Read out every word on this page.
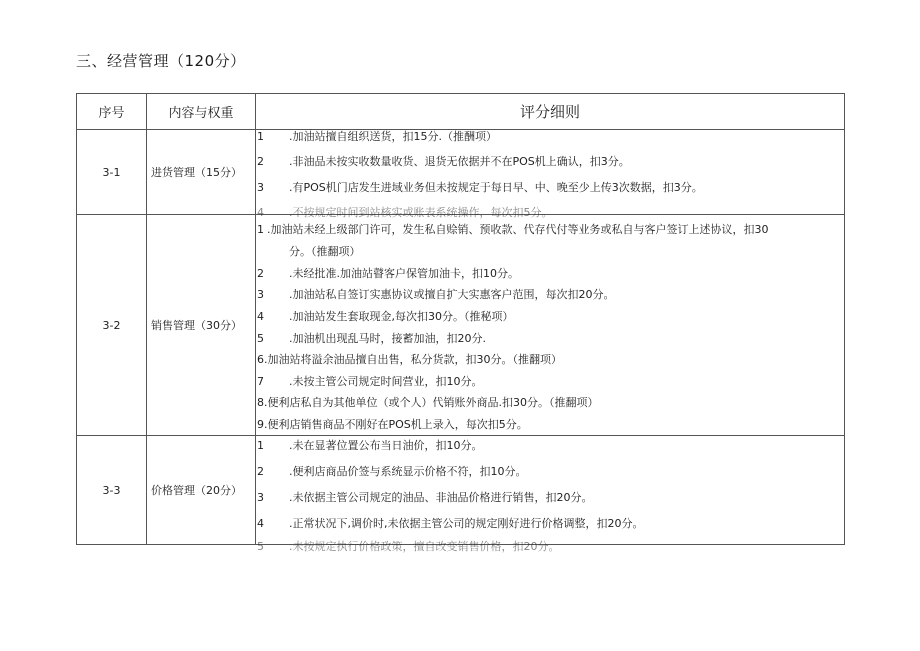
三、经营管理（120分）
序号	内容与权重	评分细则
3-1	进货管理（15分）
1 .加油站擅自组织送货，扣15分.（推酬项）
2 .非油品未按实收数量收货、退货无依据并不在POS机上确认，扣3分。
3 .有POS机门店发生进域业务但未按规定于每日早、中、晚至少上传3次数据，扣3分。
4 .不按规定时间到站核实或账表系统操作，每次扣5分。
3-2	销售管理（30分）
1 .加油站未经上级部门许可，发生私自赊销、预收款、代存代付等业务或私自与客户签订上述协议，扣30
分。（推翻项）
2 .未经批准.加油站瞽客户保管加油卡，扣10分。
3 .加油站私自签订实惠协议或擅自扩大实惠客户范围，每次扣20分。
4 .加油站发生套取现金,每次扣30分。（推秘项）
5 .加油机出现乱马时，接蓄加油，扣20分.
6.加油站将溢余油品擅自出售，私分货款，扣30分。（推翻项）
7 .未按主管公司规定时间营业，扣10分。
8.便利店私自为其他单位（或个人）代销账外商品.扣30分。（推翻项）
9.便利店销售商品不刚好在POS机上录入，每次扣5分。
3-3	价格管理（20分）
1 .未在显著位置公布当日油价，扣10分。
2 .便利店商品价签与系统显示价格不符，扣10分。
3 .未依据主管公司规定的油品、非油品价格进行销售，扣20分。
4 .正常状况下,调价时,未依据主管公司的规定刚好进行价格调整，扣20分。
5 .未按规定执行价格政策，擅自改变销售价格，扣20分。
